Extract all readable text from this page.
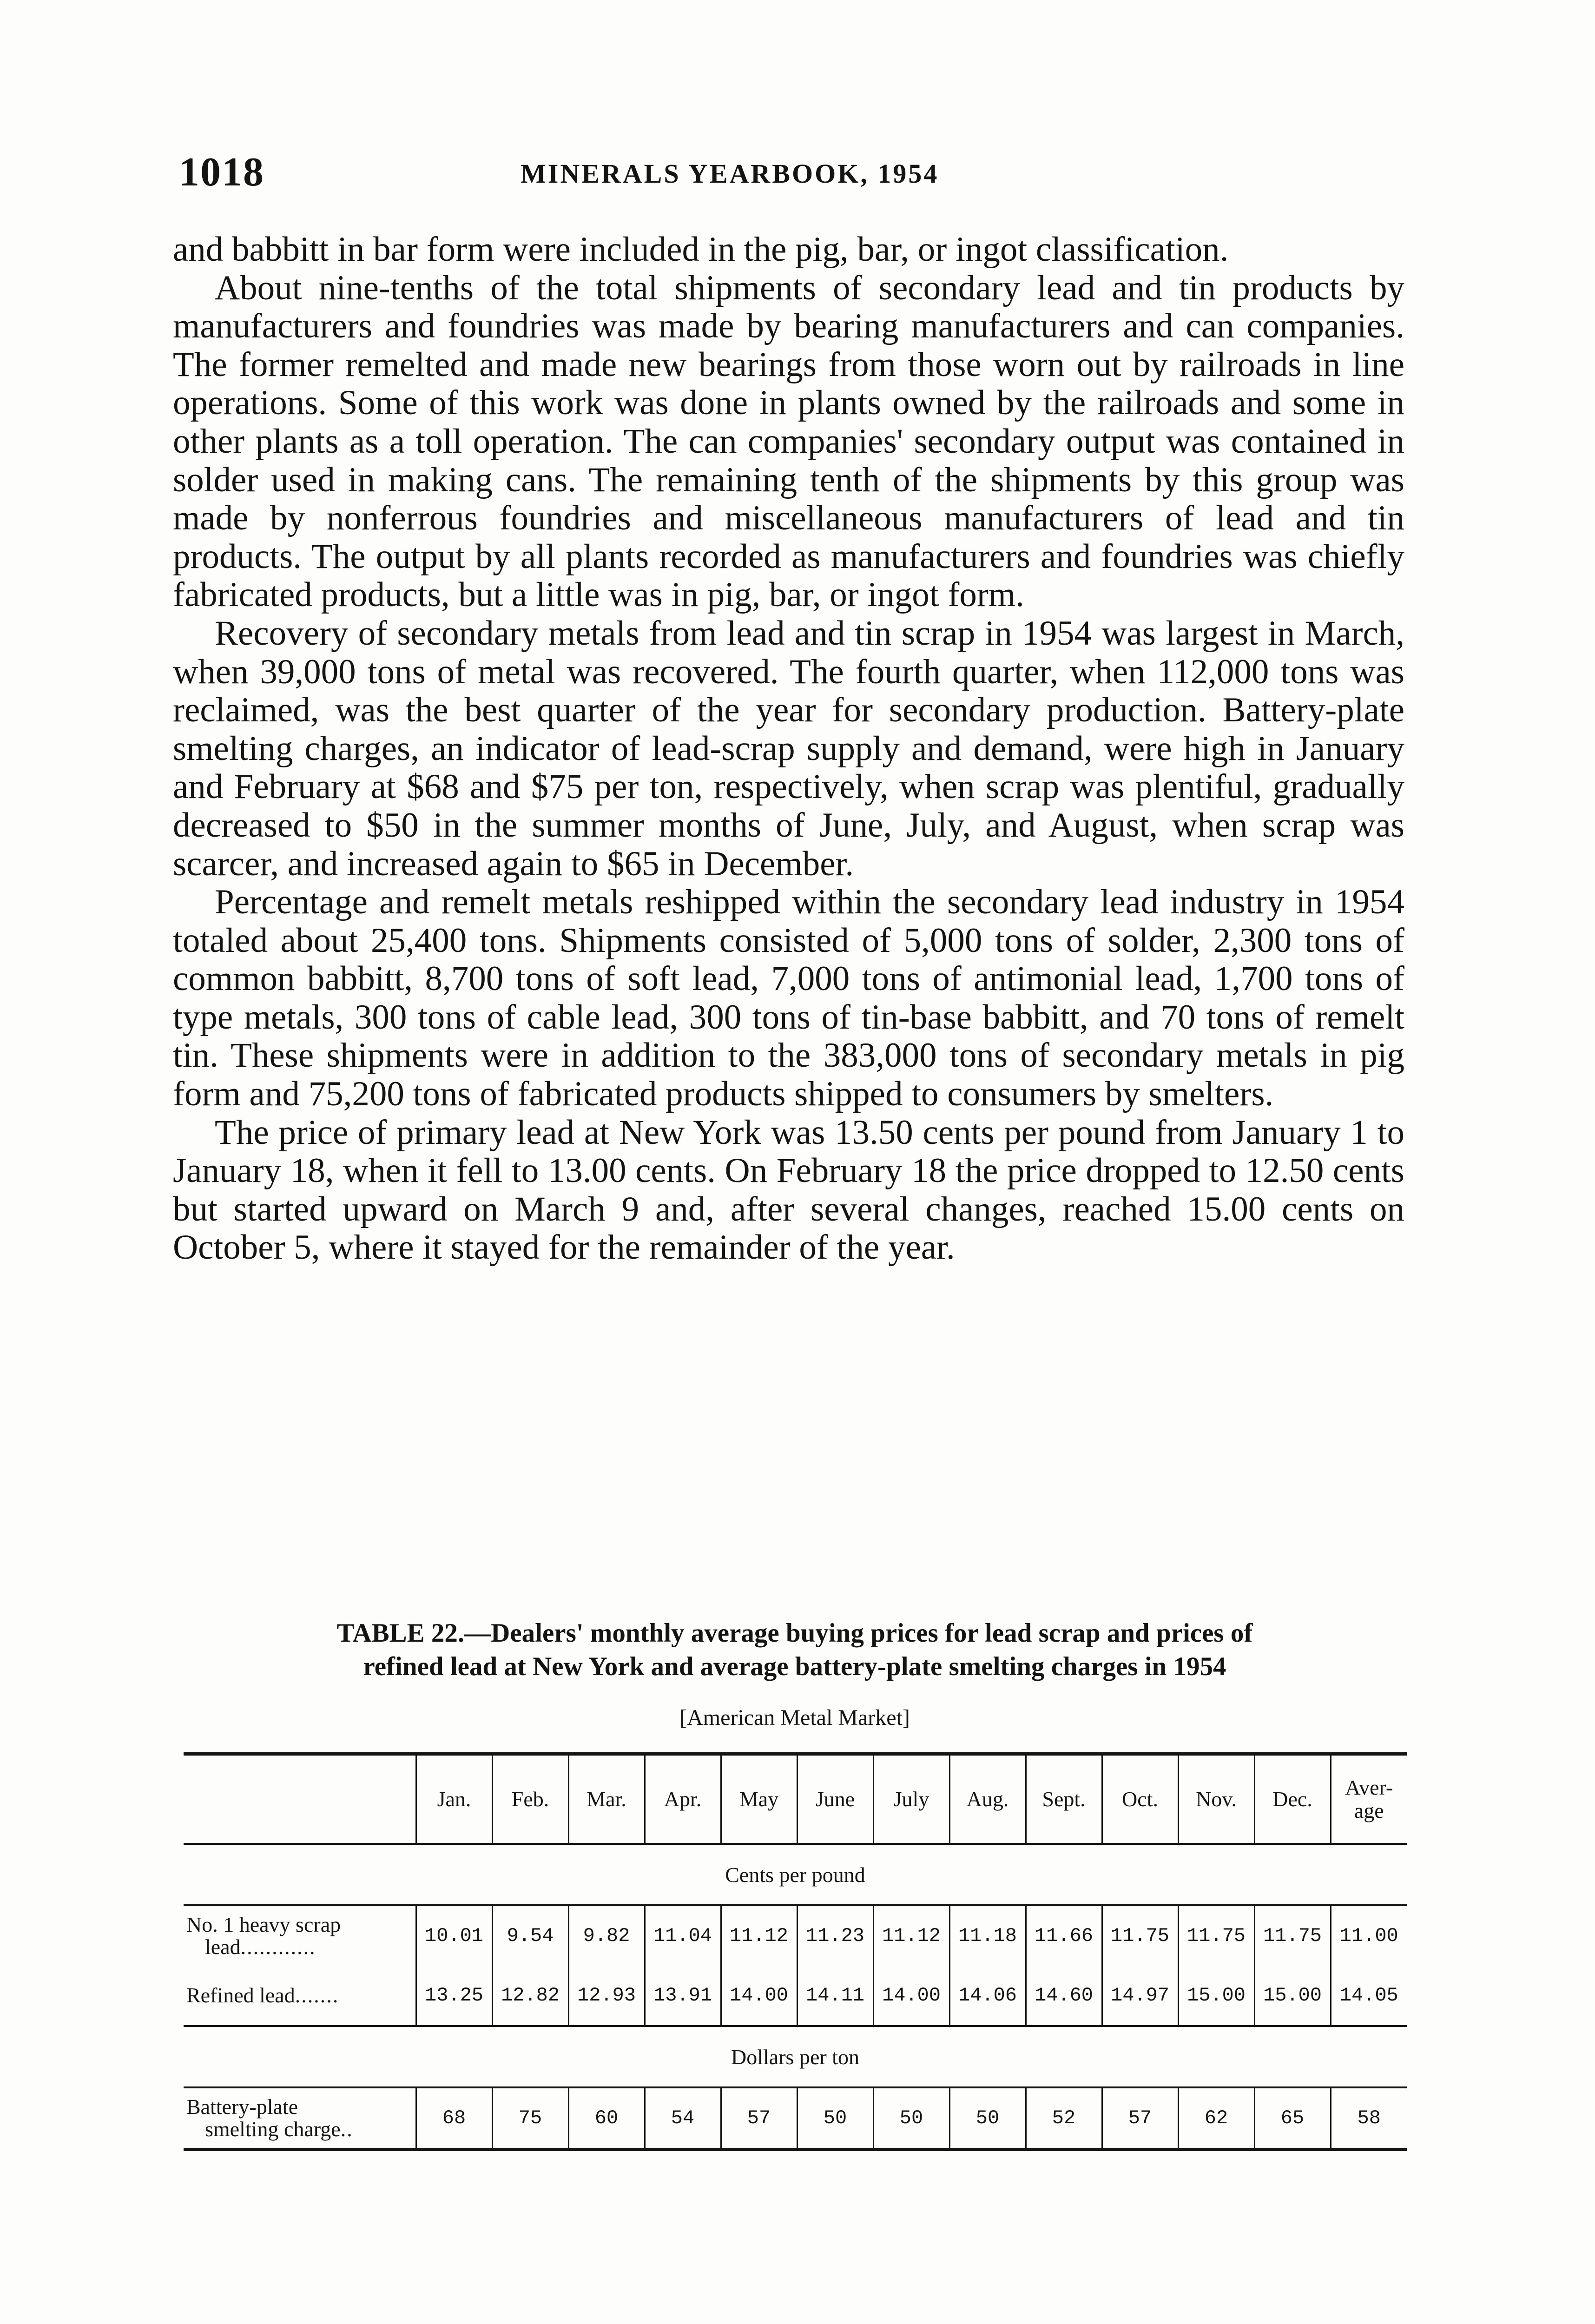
1018	MINERALS YEARBOOK, 1954

and babbitt in bar form were included in the pig, bar, or ingot classification.

About nine-tenths of the total shipments of secondary lead and tin products by manufacturers and foundries was made by bearing manufacturers and can companies. The former remelted and made new bearings from those worn out by railroads in line operations. Some of this work was done in plants owned by the railroads and some in other plants as a toll operation. The can companies' secondary output was contained in solder used in making cans. The remaining tenth of the shipments by this group was made by nonferrous foundries and miscellaneous manufacturers of lead and tin products. The output by all plants recorded as manufacturers and foundries was chiefly fabricated products, but a little was in pig, bar, or ingot form.

Recovery of secondary metals from lead and tin scrap in 1954 was largest in March, when 39,000 tons of metal was recovered. The fourth quarter, when 112,000 tons was reclaimed, was the best quarter of the year for secondary production. Battery-plate smelting charges, an indicator of lead-scrap supply and demand, were high in January and February at $68 and $75 per ton, respectively, when scrap was plentiful, gradually decreased to $50 in the summer months of June, July, and August, when scrap was scarcer, and increased again to $65 in December.

Percentage and remelt metals reshipped within the secondary lead industry in 1954 totaled about 25,400 tons. Shipments consisted of 5,000 tons of solder, 2,300 tons of common babbitt, 8,700 tons of soft lead, 7,000 tons of antimonial lead, 1,700 tons of type metals, 300 tons of cable lead, 300 tons of tin-base babbitt, and 70 tons of remelt tin. These shipments were in addition to the 383,000 tons of secondary metals in pig form and 75,200 tons of fabricated products shipped to consumers by smelters.

The price of primary lead at New York was 13.50 cents per pound from January 1 to January 18, when it fell to 13.00 cents. On February 18 the price dropped to 12.50 cents but started upward on March 9 and, after several changes, reached 15.00 cents on October 5, where it stayed for the remainder of the year.

TABLE 22.—Dealers' monthly average buying prices for lead scrap and prices of
refined lead at New York and average battery-plate smelting charges in 1954
[American Metal Market]
	Jan.	Feb.	Mar.	Apr.	May	June	July	Aug.	Sept.	Oct.	Nov.	Dec.	Aver-
age
Cents per pound													
No. 1 heavy scrap
lead............	10.01	9.54	9.82	11.04	11.12	11.23	11.12	11.18	11.66	11.75	11.75	11.75	11.00
Refined lead.......	13.25	12.82	12.93	13.91	14.00	14.11	14.00	14.06	14.60	14.97	15.00	15.00	14.05
Dollars per ton													
Battery-plate
smelting charge..	68	75	60	54	57	50	50	50	52	57	62	65	58
